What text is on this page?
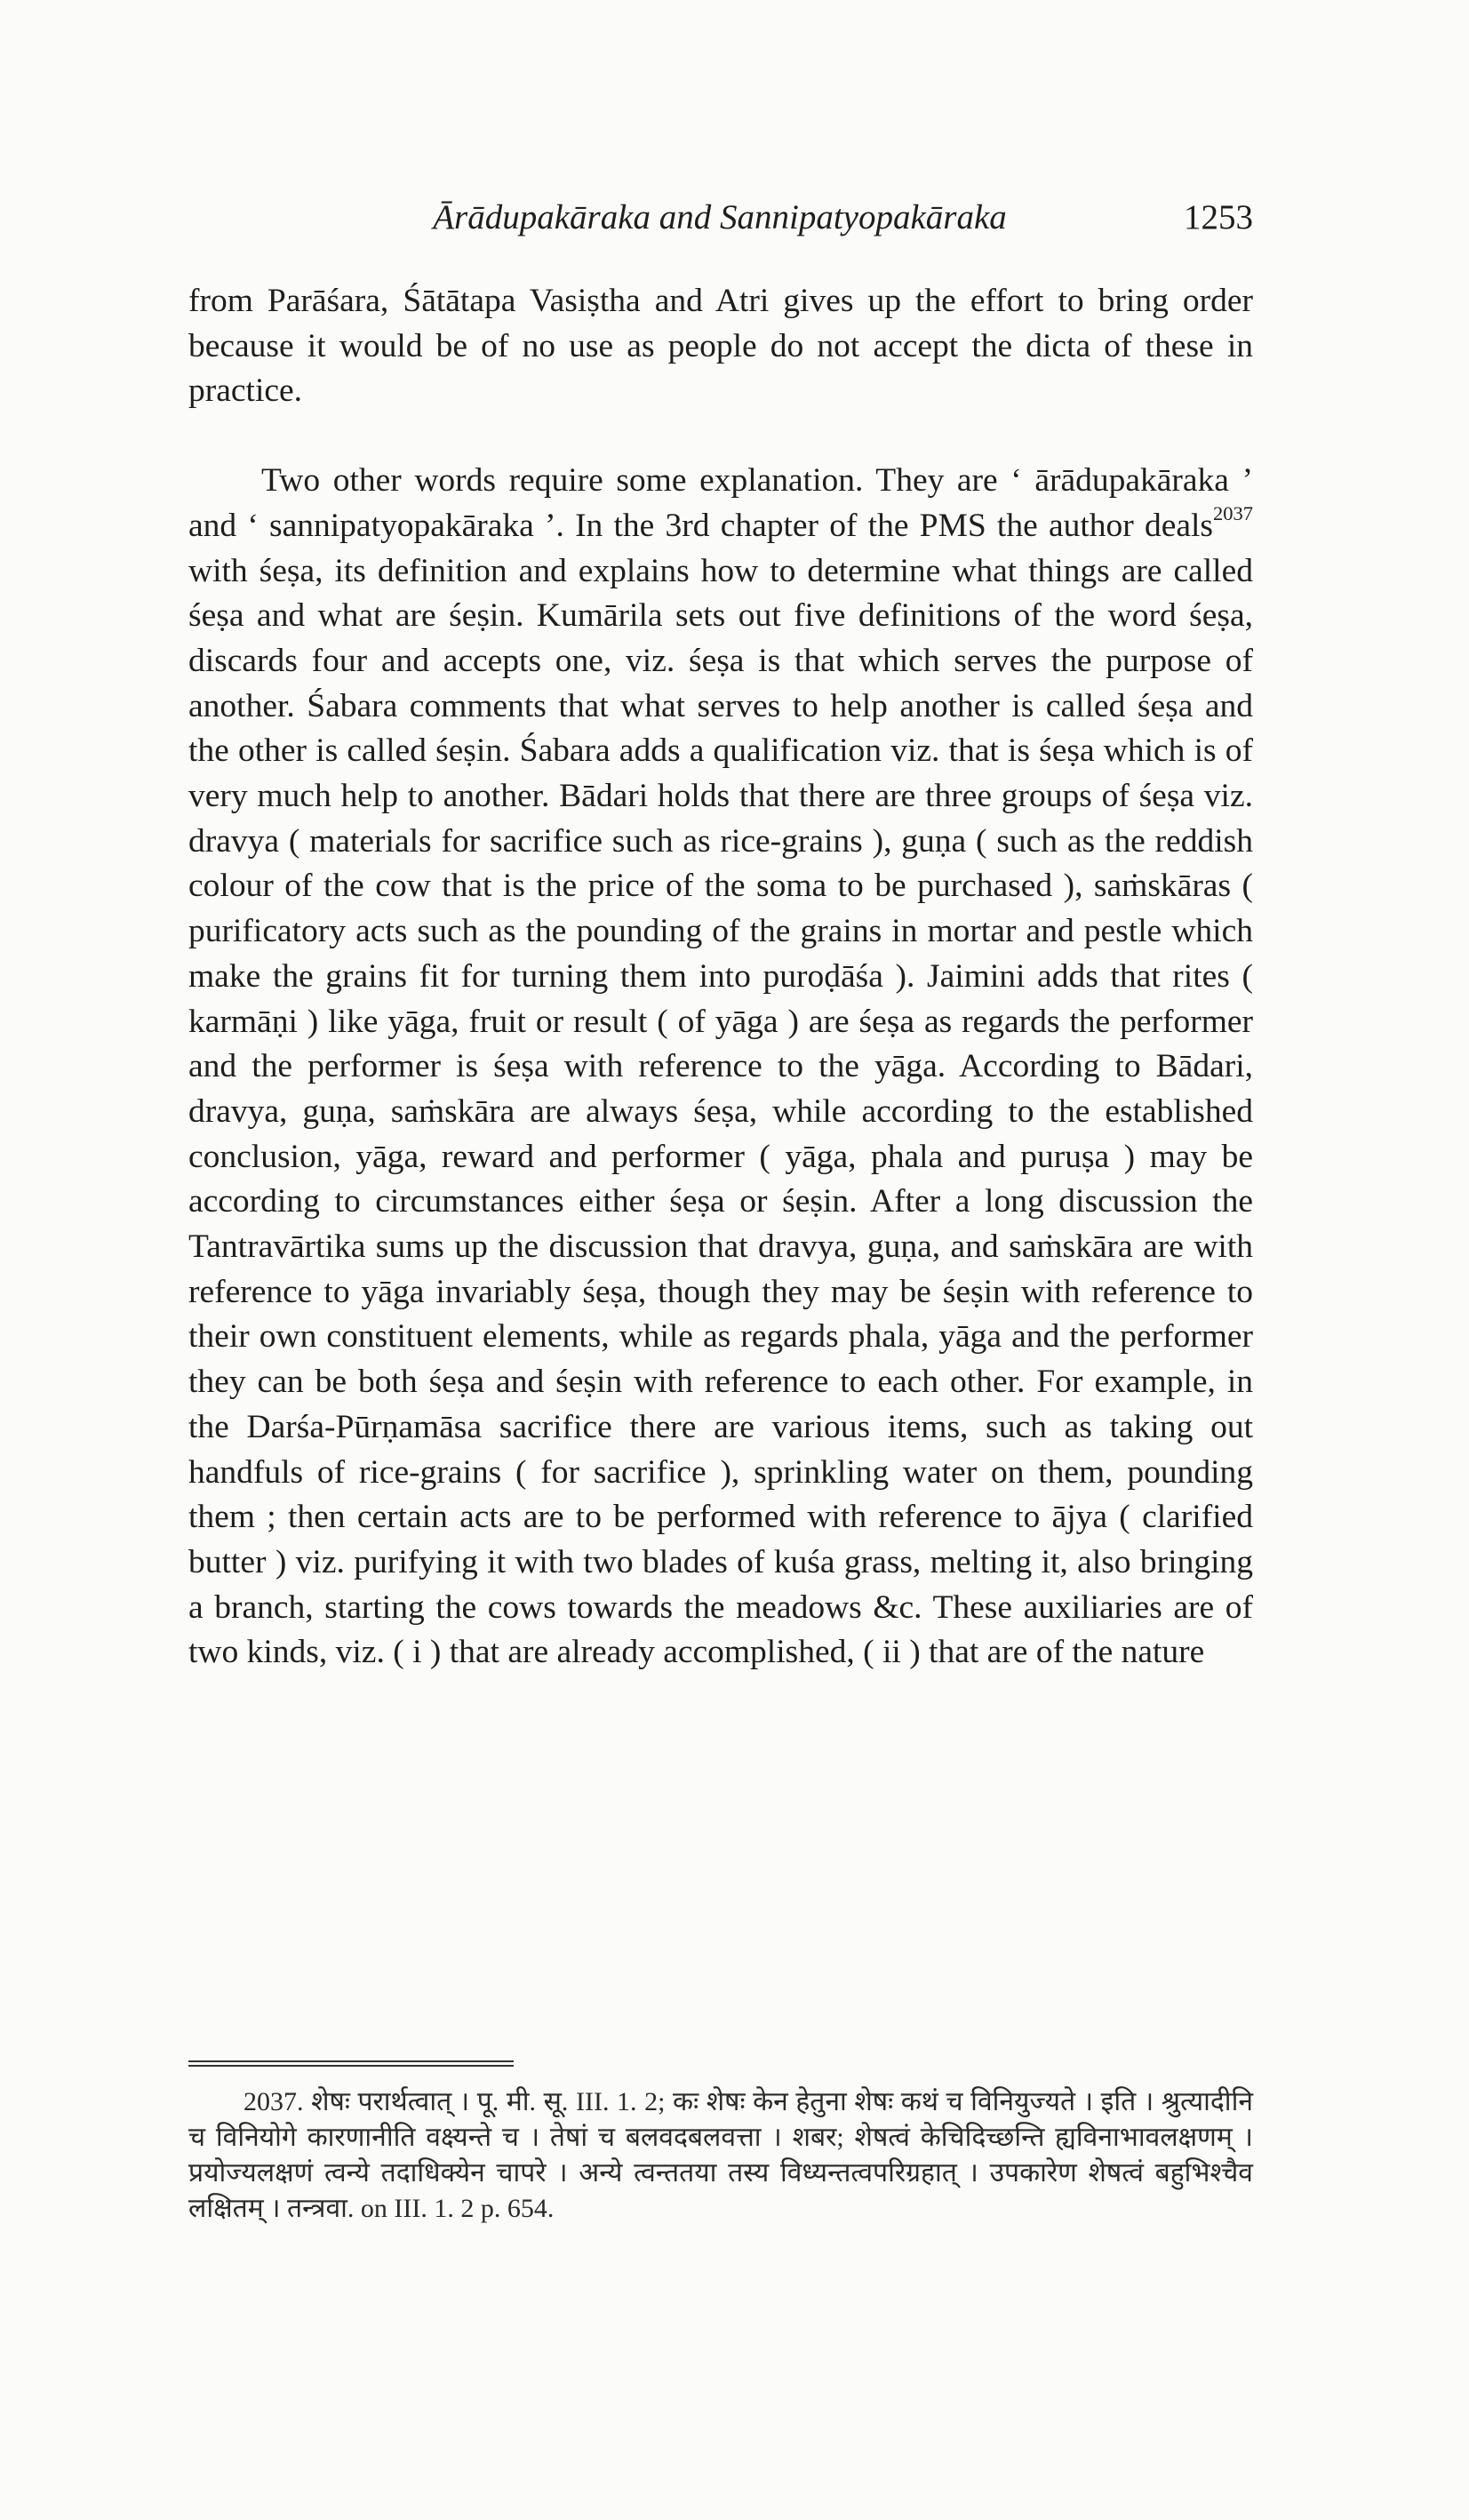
Ārādupakāraka and Sannipatyopakāraka	1253

from Parāśara, Śātātapa Vasiṣtha and Atri gives up the effort to bring order because it would be of no use as people do not accept the dicta of these in practice.

Two other words require some explanation. They are ‘ ārādupakāraka ’ and ‘ sannipatyopakāraka ’. In the 3rd chapter of the PMS the author deals$^{2037}$ with śeṣa, its definition and explains how to determine what things are called śeṣa and what are śeṣin. Kumārila sets out five definitions of the word śeṣa, discards four and accepts one, viz. śeṣa is that which serves the purpose of another. Śabara comments that what serves to help another is called śeṣa and the other is called śeṣin. Śabara adds a qualification viz. that is śeṣa which is of very much help to another. Bādari holds that there are three groups of śeṣa viz. dravya ( materials for sacrifice such as rice-grains ), guṇa ( such as the reddish colour of the cow that is the price of the soma to be purchased ), saṁskāras ( purificatory acts such as the pounding of the grains in mortar and pestle which make the grains fit for turning them into puroḍāśa ). Jaimini adds that rites ( karmāṇi ) like yāga, fruit or result ( of yāga ) are śeṣa as regards the performer and the performer is śeṣa with reference to the yāga. According to Bādari, dravya, guṇa, saṁskāra are always śeṣa, while according to the established conclusion, yāga, reward and performer ( yāga, phala and puruṣa ) may be according to circumstances either śeṣa or śeṣin. After a long discussion the Tantravārtika sums up the discussion that dravya, guṇa, and saṁskāra are with reference to yāga invariably śeṣa, though they may be śeṣin with reference to their own constituent elements, while as regards phala, yāga and the performer they can be both śeṣa and śeṣin with reference to each other. For example, in the Darśa-Pūrṇamāsa sacrifice there are various items, such as taking out handfuls of rice-grains ( for sacrifice ), sprinkling water on them, pounding them ; then certain acts are to be performed with reference to ājya ( clarified butter ) viz. purifying it with two blades of kuśa grass, melting it, also bringing a branch, starting the cows towards the meadows &c. These auxiliaries are of two kinds, viz. ( i ) that are already accomplished, ( ii ) that are of the nature

2037. शेषः परार्थत्वात् । पू. मी. सू. III. 1. 2; कः शेषः केन हेतुना शेषः कथं च विनियुज्यते । इति । श्रुत्यादीनि च विनियोगे कारणानीति वक्ष्यन्ते च । तेषां च बलवदबलवत्ता । शबर; शेषत्वं केचिदिच्छन्ति ह्यविनाभावलक्षणम् । प्रयोज्यलक्षणं त्वन्ये तदाधिक्येन चापरे । अन्ये त्वन्ततया तस्य विध्यन्तत्वपरिग्रहात् । उपकारेण शेषत्वं बहुभिश्चैव लक्षितम् । तन्त्रवा. on III. 1. 2 p. 654.
